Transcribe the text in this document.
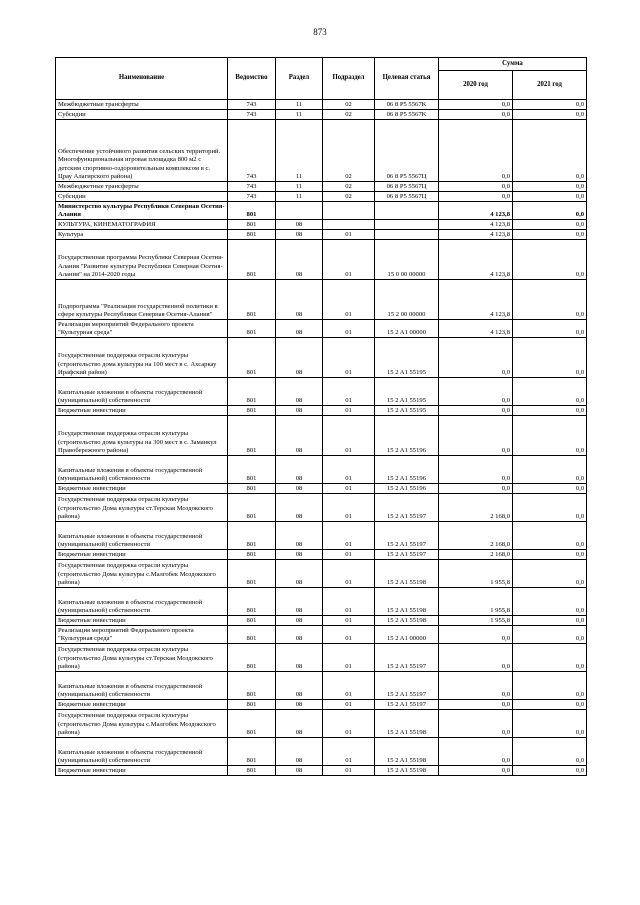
873
Наименование	Ведомство	Раздел	Подраздел	Целевая статья	Сумма	
					2020 год	2021 год
Межбюджетные трансферты	743	11	02	06 8 P5 5567K	0,0	0,0
Субсидии	743	11	02	06 8 P5 5567K	0,0	0,0
Обеспечение устойчивого развития сельских территорий. Многофункциональная игровая площадка 800 м2 с детским спортивно-оздоровительным комплексом в с. Црау Алагирского района)	743	11	02	06 8 P5 5567Ц	0,0	0,0
Межбюджетные трансферты	743	11	02	06 8 P5 5567Ц	0,0	0,0
Субсидии	743	11	02	06 8 P5 5567Ц	0,0	0,0
Министерство культуры Республики Северная Осетия-Алания	801				4 123,8	0,0
КУЛЬТУРА, КИНЕМАТОГРАФИЯ	801	08			4 123,8	0,0
Культура	801	08	01		4 123,8	0,0
Государственная программа Республики Северная Осетия-Алания "Развитие культуры Республики Северная Осетия-Алания" на 2014-2020 годы	801	08	01	15 0 00 00000	4 123,8	0,0
Подпрограмма "Реализация государственной политики в сфере культуры Республики Северная Осетия-Алания"	801	08	01	15 2 00 00000	4 123,8	0,0
Реализация мероприятий Федерального проекта "Культурная среда"	801	08	01	15 2 A1 00000	4 123,8	0,0
Государственная поддержка отрасли культуры (строительство дома культуры на 100 мест в с. Ахсаркау Ирафский район)	801	08	01	15 2 A1 55195	0,0	0,0
Капитальные вложения в объекты государственной (муниципальной) собственности	801	08	01	15 2 A1 55195	0,0	0,0
Бюджетные инвестиции	801	08	01	15 2 A1 55195	0,0	0,0
Государственная поддержка отрасли культуры (строительство дома культуры на 300 мест в с. Заманкул Правобережного района)	801	08	01	15 2 A1 55196	0,0	0,0
Капитальные вложения в объекты государственной (муниципальной) собственности	801	08	01	15 2 A1 55196	0,0	0,0
Бюджетные инвестиции	801	08	01	15 2 A1 55196	0,0	0,0
Государственная поддержка отрасли культуры (строительство Дома культуры ст.Терская Моздокского района)	801	08	01	15 2 A1 55197	2 168,0	0,0
Капитальные вложения в объекты государственной (муниципальной) собственности	801	08	01	15 2 A1 55197	2 168,0	0,0
Бюджетные инвестиции	801	08	01	15 2 A1 55197	2 168,0	0,0
Государственная поддержка отрасли культуры (строительство Дома культуры с.Малгобек Моздокского района)	801	08	01	15 2 A1 55198	1 955,8	0,0
Капитальные вложения в объекты государственной (муниципальной) собственности	801	08	01	15 2 A1 55198	1 955,8	0,0
Бюджетные инвестиции	801	08	01	15 2 A1 55198	1 955,8	0,0
Реализация мероприятий Федерального проекта "Культурная среда"	801	08	01	15 2 A1 00000	0,0	0,0
Государственная поддержка отрасли культуры (строительство Дома культуры ст.Терская Моздокского района)	801	08	01	15 2 A1 55197	0,0	0,0
Капитальные вложения в объекты государственной (муниципальной) собственности	801	08	01	15 2 A1 55197	0,0	0,0
Бюджетные инвестиции	801	08	01	15 2 A1 55197	0,0	0,0
Государственная поддержка отрасли культуры (строительство Дома культуры с.Малгобек Моздокского района)	801	08	01	15 2 A1 55198	0,0	0,0
Капитальные вложения в объекты государственной (муниципальной) собственности	801	08	01	15 2 A1 55198	0,0	0,0
Бюджетные инвестиции	801	08	01	15 2 A1 55198	0,0	0,0
